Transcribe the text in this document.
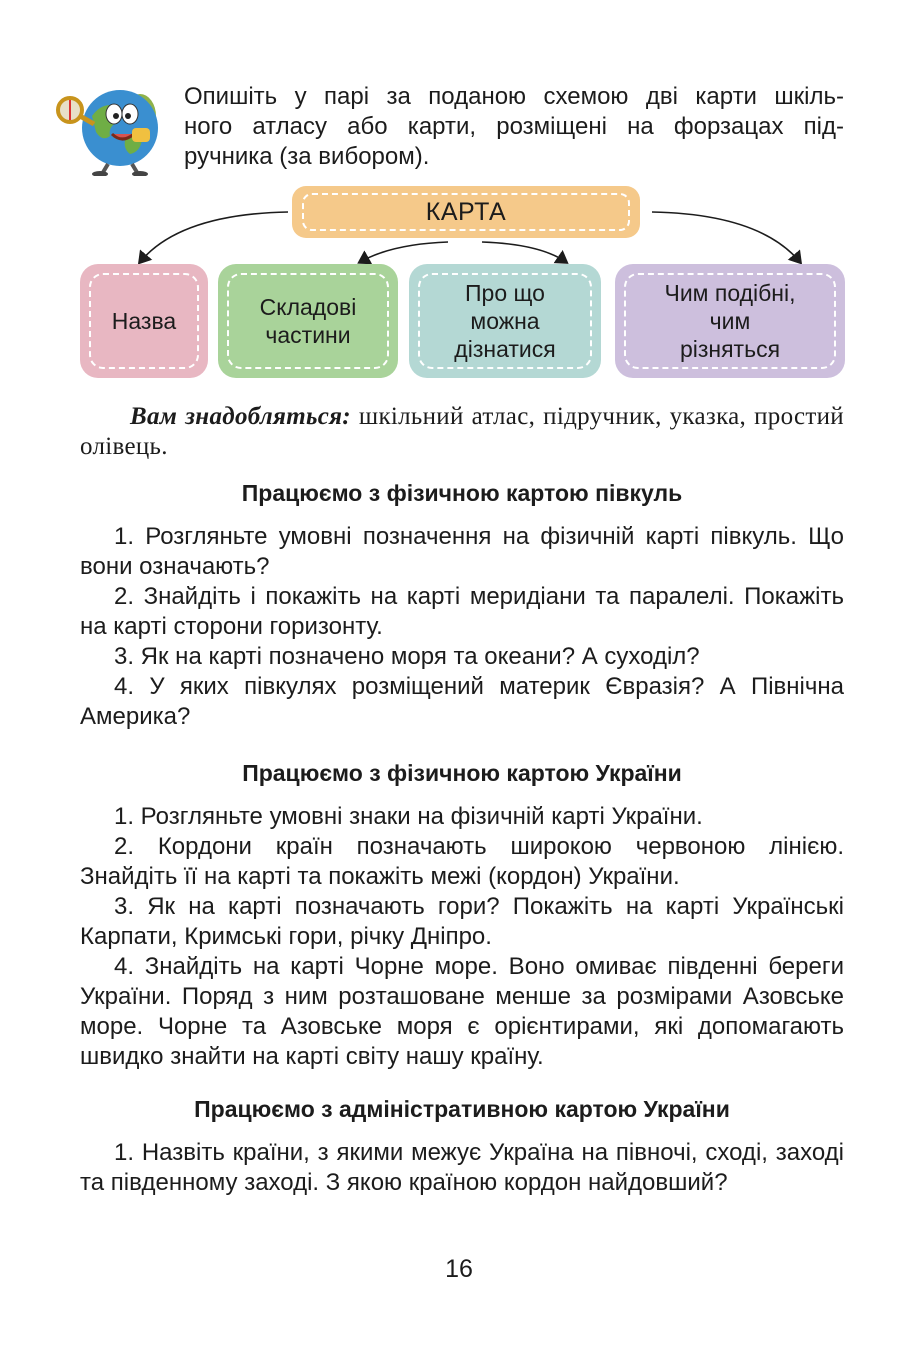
Опишіть у парі за поданою схемою дві карти шкіль-

ного атласу або карти, розміщені на форзацах під-

ручника (за вибором).

КАРТА
Назва
Складові
частини
Про що
можна
дізнатися
Чим подібні,
чим
різняться
Вам знадобляться: шкільний атлас, підручник, указка, простий олівець.
Працюємо з фізичною картою півкуль

1. Розгляньте умовні позначення на фізичній карті півкуль. Що вони означають?

2. Знайдіть і покажіть на карті меридіани та паралелі. Покажіть на карті сторони горизонту.

3. Як на карті позначено моря та океани? А суходіл?

4. У яких півкулях розміщений материк Євразія? А Північна Америка?

Працюємо з фізичною картою України

1. Розгляньте умовні знаки на фізичній карті України.

2. Кордони країн позначають широкою червоною лінією. Знайдіть її на карті та покажіть межі (кордон) України.

3. Як на карті позначають гори? Покажіть на карті Українські Карпати, Кримські гори, річку Дніпро.

4. Знайдіть на карті Чорне море. Воно омиває південні береги України. Поряд з ним розташоване менше за розмірами Азовське море. Чорне та Азовське моря є орієнтирами, які допомагають швидко знайти на карті світу нашу країну.

Працюємо з адміністративною картою України

1. Назвіть країни, з якими межує Україна на півночі, сході, заході та південному заході. З якою країною кордон найдовший?

16
